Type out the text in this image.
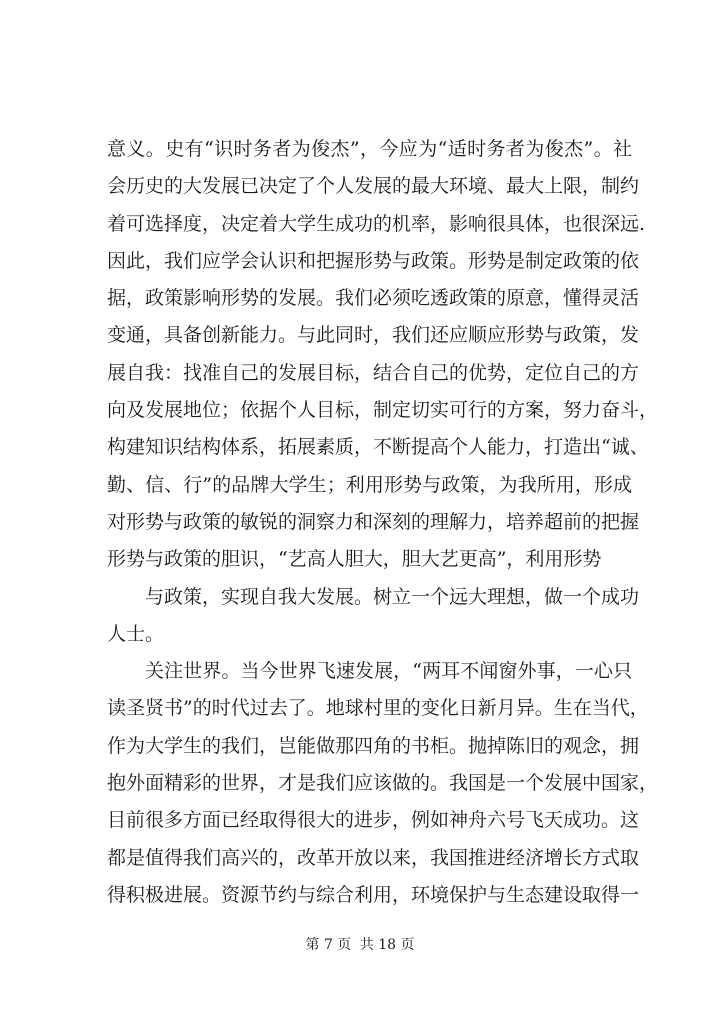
意义。史有“识时务者为俊杰”，今应为“适时务者为俊杰”。社
会历史的大发展已决定了个人发展的最大环境、最大上限，制约
着可选择度，决定着大学生成功的机率，影响很具体，也很深远.
因此，我们应学会认识和把握形势与政策。形势是制定政策的依
据，政策影响形势的发展。我们必须吃透政策的原意，懂得灵活
变通，具备创新能力。与此同时，我们还应顺应形势与政策，发
展自我：找准自己的发展目标，结合自己的优势，定位自己的方
向及发展地位；依据个人目标，制定切实可行的方案，努力奋斗，
构建知识结构体系，拓展素质，不断提高个人能力，打造出“诚、
勤、信、行”的品牌大学生；利用形势与政策，为我所用，形成
对形势与政策的敏锐的洞察力和深刻的理解力，培养超前的把握
形势与政策的胆识，“艺高人胆大，胆大艺更高”，利用形势
与政策，实现自我大发展。树立一个远大理想，做一个成功
人士。
关注世界。当今世界飞速发展，“两耳不闻窗外事，一心只
读圣贤书”的时代过去了。地球村里的变化日新月异。生在当代，
作为大学生的我们，岂能做那四角的书柜。抛掉陈旧的观念，拥
抱外面精彩的世界，才是我们应该做的。我国是一个发展中国家，
目前很多方面已经取得很大的进步，例如神舟六号飞天成功。这
都是值得我们高兴的，改革开放以来，我国推进经济增长方式取
得积极进展。资源节约与综合利用，环境保护与生态建设取得一
第 7 页 共 18 页
